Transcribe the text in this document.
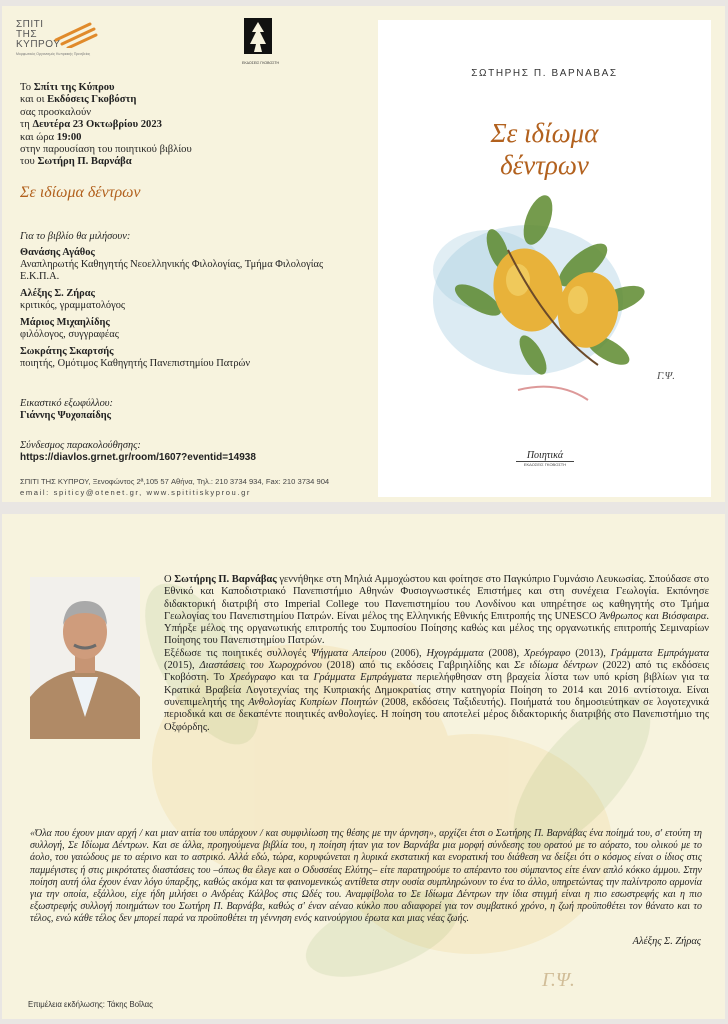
ΣΠΙΤΙ
ΤΗΣ
ΚΥΠΡΟΥ
Μορφωτικός Οργανισμός Κυπριακής Πρεσβείας
ΕΚΔΟΣΕΙΣ ΓΚΟΒΟΣΤΗ
Το Σπίτι της Κύπρου
και οι Εκδόσεις Γκοβόστη
σας προσκαλούν
τη Δευτέρα 23 Οκτωβρίου 2023
και ώρα 19:00
στην παρουσίαση του ποιητικού βιβλίου
του Σωτήρη Π. Βαρνάβα
Σε ιδίωμα δέντρων
Για το βιβλίο θα μιλήσουν:
Θανάσης Αγάθος
Αναπληρωτής Καθηγητής Νεοελληνικής Φιλολογίας, Τμήμα Φιλολογίας Ε.Κ.Π.Α.
Αλέξης Σ. Ζήρας
κριτικός, γραμματολόγος
Μάριος Μιχαηλίδης
φιλόλογος, συγγραφέας
Σωκράτης Σκαρτσής
ποιητής, Ομότιμος Καθηγητής Πανεπιστημίου Πατρών
Εικαστικό εξωφύλλου:
Γιάννης Ψυχοπαίδης
Σύνδεσμος παρακολούθησης:
https://diavlos.grnet.gr/room/1607?eventid=14938
ΣΠΙΤΙ ΤΗΣ ΚΥΠΡΟΥ, Ξενοφώντος 2ª,105 57 Αθήνα, Τηλ.: 210 3734 934, Fax: 210 3734 904
email: spiticy@otenet.gr, www.spititiskyprou.gr
ΣΩΤΗΡΗΣ Π. ΒΑΡΝΑΒΑΣ
Σε ιδίωμα
δέντρων
Γ.Ψ.
Ποιητικά
ΕΚΔΟΣΕΙΣ ΓΚΟΒΟΣΤΗ

Ο Σωτήρης Π. Βαρνάβας γεννήθηκε στη Μηλιά Αμμοχώστου και φοίτησε στο Παγκύπριο Γυμνάσιο Λευκωσίας. Σπούδασε στο Εθνικό και Καποδιστριακό Πανεπιστήμιο Αθηνών Φυσιογνωστικές Επιστήμες και στη συνέχεια Γεωλογία. Εκπόνησε διδακτορική διατριβή στο Imperial College του Πανεπιστημίου του Λονδίνου και υπηρέτησε ως καθηγητής στο Τμήμα Γεωλογίας του Πανεπιστημίου Πατρών. Είναι μέλος της Ελληνικής Εθνικής Επιτροπής της UNESCO Άνθρωπος και Βιόσφαιρα. Υπήρξε μέλος της οργανωτικής επιτροπής του Συμποσίου Ποίησης καθώς και μέλος της οργανωτικής επιτροπής Σεμιναρίων Ποίησης του Πανεπιστημίου Πατρών.

Εξέδωσε τις ποιητικές συλλογές Ψήγματα Απείρου (2006), Ηχογράμματα (2008), Χρεόγραφο (2013), Γράμματα Εμπράγματα (2015), Διαστάσεις του Χωροχρόνου (2018) από τις εκδόσεις Γαβριηλίδης και Σε ιδίωμα δέντρων (2022) από τις εκδόσεις Γκοβόστη. Το Χρεόγραφο και τα Γράμματα Εμπράγματα περιελήφθησαν στη βραχεία λίστα των υπό κρίση βιβλίων για τα Κρατικά Βραβεία Λογοτεχνίας της Κυπριακής Δημοκρατίας στην κατηγορία Ποίηση το 2014 και 2016 αντίστοιχα. Είναι συνεπιμελητής της Ανθολογίας Κυπρίων Ποιητών (2008, εκδόσεις Ταξιδευτής). Ποιήματά του δημοσιεύτηκαν σε λογοτεχνικά περιοδικά και σε δεκαπέντε ποιητικές ανθολογίες. Η ποίηση του αποτελεί μέρος διδακτορικής διατριβής στο Πανεπιστήμιο της Οξφόρδης.

«Όλα που έχουν μιαν αρχή / και μιαν αιτία του υπάρχουν / και συμφιλίωση της θέσης με την άρνηση», αρχίζει έτσι ο Σωτήρης Π. Βαρνάβας ένα ποίημά του, σ' ετούτη τη συλλογή, Σε Ιδίωμα Δέντρων. Και σε άλλα, προηγούμενα βιβλία του, η ποίηση ήταν για τον Βαρνάβα μια μορφή σύνδεσης του ορατού με το αόρατο, του ολικού με το άολο, του γαιώδους με το αέρινο και το αστρικό. Αλλά εδώ, τώρα, κορυφώνεται η λυρικά εκστατική και ενορατική του διάθεση να δείξει ότι ο κόσμος είναι ο ίδιος στις παμμέγιστες ή στις μικρότατες διαστάσεις του –όπως θα έλεγε και ο Οδυσσέας Ελύτης– είτε παρατηρούμε το απέραντο του σύμπαντος είτε έναν απλό κόκκο άμμου. Στην ποίηση αυτή όλα έχουν έναν λόγο ύπαρξης, καθώς ακόμα και τα φαινομενικώς αντίθετα στην ουσία συμπληρώνουν το ένα το άλλο, υπηρετώντας την παλίντροπο αρμονία για την οποία, εξάλλου, είχε ήδη μιλήσει ο Ανδρέας Κάλβος στις Ωδές του. Αναμφίβολα το Σε Ιδίωμα Δέντρων την ίδια στιγμή είναι η πιο εσωστρεφής και η πιο εξωστρεφής συλλογή ποιημάτων του Σωτήρη Π. Βαρνάβα, καθώς σ' έναν αέναο κύκλο που αδιαφορεί για τον συμβατικό χρόνο, η ζωή προϋποθέτει τον θάνατο και το τέλος, ενώ κάθε τέλος δεν μπορεί παρά να προϋποθέτει τη γέννηση ενός καινούργιου έρωτα και μιας νέας ζωής.

Αλέξης Σ. Ζήρας
Γ.Ψ.
Επιμέλεια εκδήλωσης: Τάκης Βοΐλας
